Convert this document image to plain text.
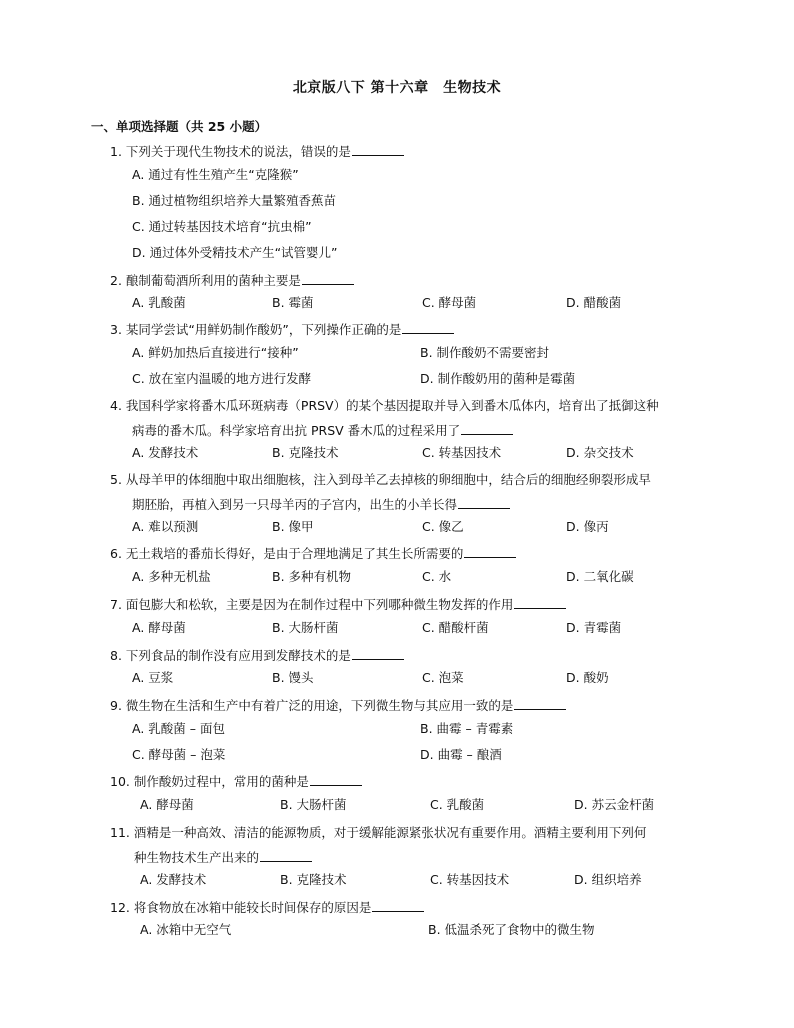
北京版八下 第十六章　生物技术
一、单项选择题（共 25 小题）
1. 下列关于现代生物技术的说法，错误的是
A. 通过有性生殖产生“克隆猴”
B. 通过植物组织培养大量繁殖香蕉苗
C. 通过转基因技术培育“抗虫棉”
D. 通过体外受精技术产生“试管婴儿”
2. 酿制葡萄酒所利用的菌种主要是
A. 乳酸菌	B. 霉菌	C. 酵母菌	D. 醋酸菌
3. 某同学尝试“用鲜奶制作酸奶”，下列操作正确的是
A. 鲜奶加热后直接进行“接种”	B. 制作酸奶不需要密封
C. 放在室内温暖的地方进行发酵	D. 制作酸奶用的菌种是霉菌
4. 我国科学家将番木瓜环斑病毒（PRSV）的某个基因提取并导入到番木瓜体内，培育出了抵御这种
病毒的番木瓜。科学家培育出抗 PRSV 番木瓜的过程采用了
A. 发酵技术	B. 克隆技术	C. 转基因技术	D. 杂交技术
5. 从母羊甲的体细胞中取出细胞核，注入到母羊乙去掉核的卵细胞中，结合后的细胞经卵裂形成早
期胚胎，再植入到另一只母羊丙的子宫内，出生的小羊长得
A. 难以预测	B. 像甲	C. 像乙	D. 像丙
6. 无土栽培的番茄长得好，是由于合理地满足了其生长所需要的
A. 多种无机盐	B. 多种有机物	C. 水	D. 二氧化碳
7. 面包膨大和松软，主要是因为在制作过程中下列哪种微生物发挥的作用
A. 酵母菌	B. 大肠杆菌	C. 醋酸杆菌	D. 青霉菌
8. 下列食品的制作没有应用到发酵技术的是
A. 豆浆	B. 馒头	C. 泡菜	D. 酸奶
9. 微生物在生活和生产中有着广泛的用途，下列微生物与其应用一致的是
A. 乳酸菌 – 面包	B. 曲霉 – 青霉素
C. 酵母菌 – 泡菜	D. 曲霉 – 酿酒
10. 制作酸奶过程中，常用的菌种是
A. 酵母菌	B. 大肠杆菌	C. 乳酸菌	D. 苏云金杆菌
11. 酒精是一种高效、清洁的能源物质，对于缓解能源紧张状况有重要作用。酒精主要利用下列何
种生物技术生产出来的
A. 发酵技术	B. 克隆技术	C. 转基因技术	D. 组织培养
12. 将食物放在冰箱中能较长时间保存的原因是
A. 冰箱中无空气	B. 低温杀死了食物中的微生物
